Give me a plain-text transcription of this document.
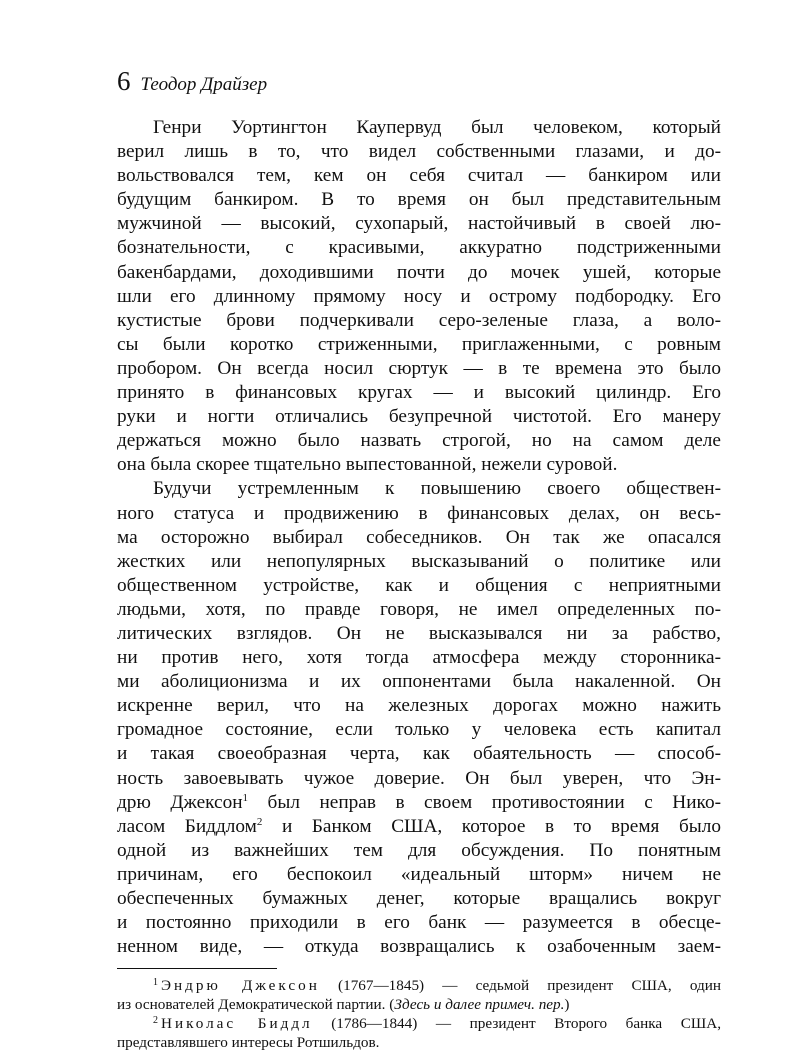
6 Теодор Драйзер
Генри Уортингтон Каупервуд был человеком, который
верил лишь в то, что видел собственными глазами, и до-
вольствовался тем, кем он себя считал — банкиром или
будущим банкиром. В то время он был представительным
мужчиной — высокий, сухопарый, настойчивый в своей лю-
бознательности, с красивыми, аккуратно подстриженными
бакенбардами, доходившими почти до мочек ушей, которые
шли его длинному прямому носу и острому подбородку. Его
кустистые брови подчеркивали серо-зеленые глаза, а воло-
сы были коротко стриженными, приглаженными, с ровным
пробором. Он всегда носил сюртук — в те времена это было
принято в финансовых кругах — и высокий цилиндр. Его
руки и ногти отличались безупречной чистотой. Его манеру
держаться можно было назвать строгой, но на самом деле
она была скорее тщательно выпестованной, нежели суровой.
Будучи устремленным к повышению своего обществен-
ного статуса и продвижению в финансовых делах, он весь-
ма осторожно выбирал собеседников. Он так же опасался
жестких или непопулярных высказываний о политике или
общественном устройстве, как и общения с неприятными
людьми, хотя, по правде говоря, не имел определенных по-
литических взглядов. Он не высказывался ни за рабство,
ни против него, хотя тогда атмосфера между сторонника-
ми аболиционизма и их оппонентами была накаленной. Он
искренне верил, что на железных дорогах можно нажить
громадное состояние, если только у человека есть капитал
и такая своеобразная черта, как обаятельность — способ-
ность завоевывать чужое доверие. Он был уверен, что Эн-
дрю Джексон$^1$ был неправ в своем противостоянии с Нико-
ласом Биддлом$^2$ и Банком США, которое в то время было
одной из важнейших тем для обсуждения. По понятным
причинам, его беспокоил «идеальный шторм» ничем не
обеспеченных бумажных денег, которые вращались вокруг
и постоянно приходили в его банк — разумеется в обесце-
ненном виде, — откуда возвращались к озабоченным заем-
$^1$ Эндрю Джексон (1767—1845) — седьмой президент США, один
из основателей Демократической партии. (Здесь и далее примеч. пер.)
$^2$ Николас Биддл (1786—1844) — президент Второго банка США,
представлявшего интересы Ротшильдов.
